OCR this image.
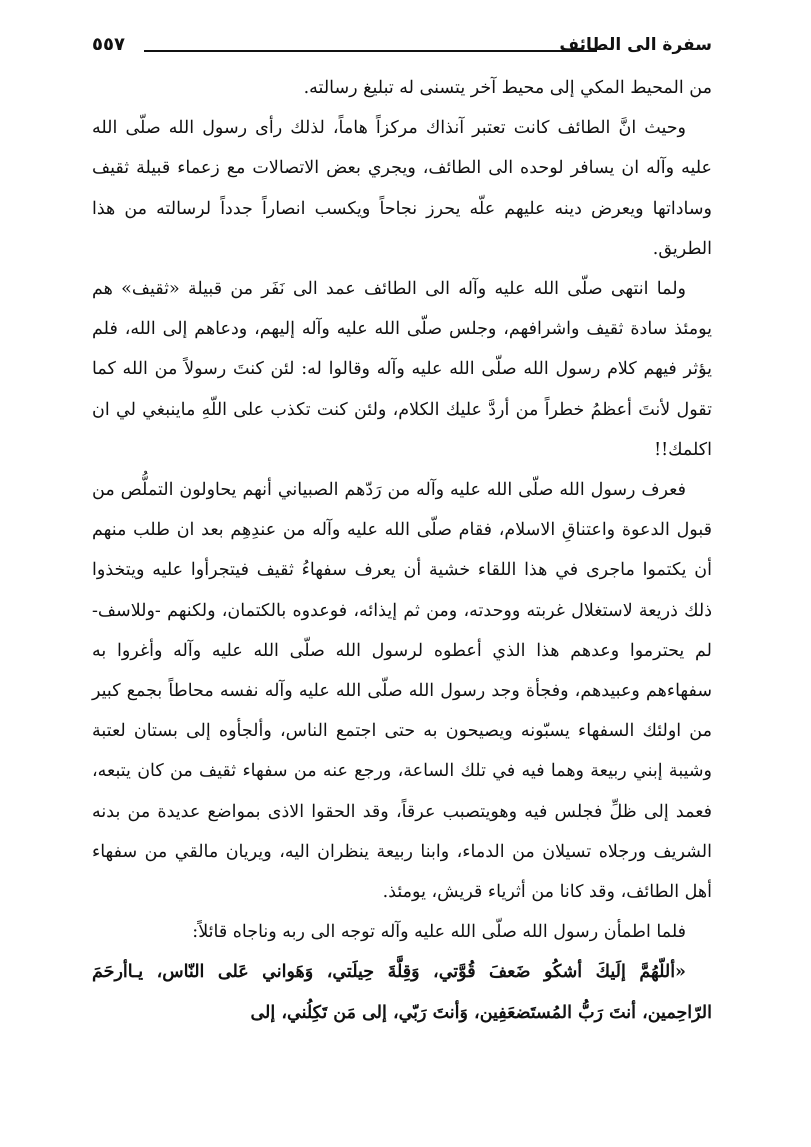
٥٥٧	سفرة الى الطائف

من المحيط المكي إلى محيط آخر يتسنى له تبليغ رسالته.

وحيث انَّ الطائف كانت تعتبر آنذاك مركزاً هاماً، لذلك رأى رسول الله صلّى الله عليه وآله ان يسافر لوحده الى الطائف، ويجري بعض الاتصالات مع زعماء قبيلة ثقيف وساداتها ويعرض دينه عليهم علّه يحرز نجاحاً ويكسب انصاراً جدداً لرسالته من هذا الطريق.

ولما انتهى صلّى الله عليه وآله الى الطائف عمد الى نَفَر من قبيلة «ثقيف» هم يومئذ سادة ثقيف واشرافهم، وجلس صلّى الله عليه وآله إليهم، ودعاهم إلى الله، فلم يؤثر فيهم كلام رسول الله صلّى الله عليه وآله وقالوا له: لئن كنتَ رسولاً من الله كما تقول لأنتَ أعظمُ خطراً من أردَّ عليك الكلام، ولئن كنت تكذب على اللّهِ ماينبغي لي ان اكلمك!!

فعرف رسول الله صلّى الله عليه وآله من رَدّهم الصبياني أنهم يحاولون التملُّص من قبول الدعوة واعتناقِ الاسلام، فقام صلّى الله عليه وآله من عندِهِم بعد ان طلب منهم أن يكتموا ماجرى في هذا اللقاء خشية أن يعرف سفهاءُ ثقيف فيتجرأوا عليه ويتخذوا ذلك ذريعة لاستغلال غربته ووحدته، ومن ثم إيذائه، فوعدوه بالكتمان، ولكنهم -وللاسف- لم يحترموا وعدهم هذا الذي أعطوه لرسول الله صلّى الله عليه وآله وأغروا به سفهاءهم وعبيدهم، وفجأة وجد رسول الله صلّى الله عليه وآله نفسه محاطاً بجمع كبير من اولئك السفهاء يسبّونه ويصيحون به حتى اجتمع الناس، وألجأوه إلى بستان لعتبة وشيبة إبني ربيعة وهما فيه في تلك الساعة، ورجع عنه من سفهاء ثقيف من كان يتبعه، فعمد إلى ظلِّ فجلس فيه وهويتصبب عرقاً، وقد الحقوا الاذى بمواضع عديدة من بدنه الشريف ورجلاه تسيلان من الدماء، وابنا ربيعة ينظران اليه، ويريان مالقي من سفهاء أهل الطائف، وقد كانا من أثرياء قريش، يومئذ.

فلما اطمأن رسول الله صلّى الله عليه وآله توجه الى ربه وناجاه قائلاً:

«أللّهُمَّ إلَيكَ أشكُو ضَعفَ قُوَّتي، وَقِلَّةَ حِيلَتي، وَهَواني عَلى النّاس، يـاأرحَمَ الرّاحِمين، أنتَ رَبُّ المُستَضعَفِين، وَأنتَ رَبّي، إلى مَن تَكِلُني، إلى
